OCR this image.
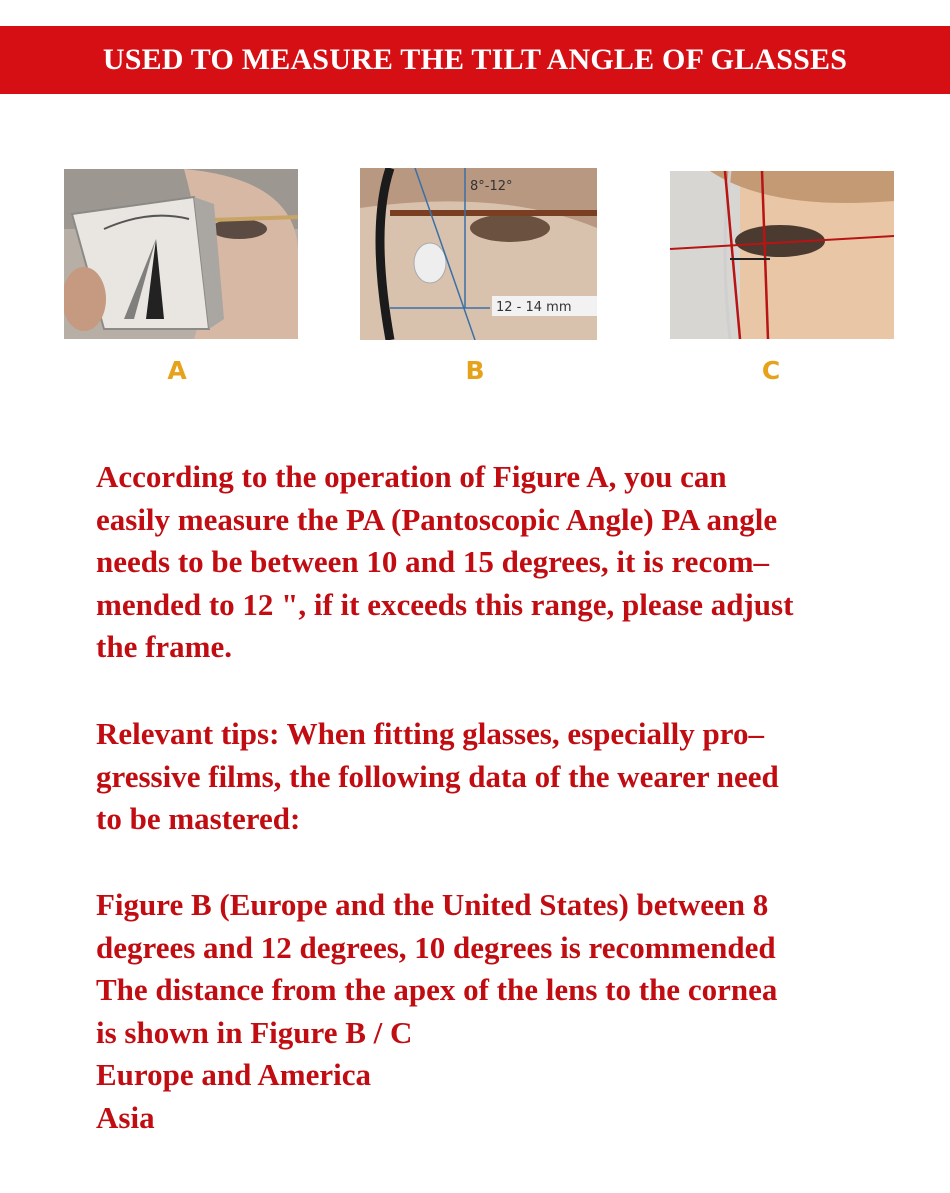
USED TO MEASURE THE TILT ANGLE OF GLASSES
8°-12°
12 - 14 mm
A	B	C
According to the operation of Figure A, you can
easily measure the PA (Pantoscopic Angle) PA angle
needs to be between 10 and 15 degrees, it is recom–
mended to 12 ", if it exceeds this range, please adjust
the frame.
Relevant tips: When fitting glasses, especially pro–
gressive films, the following data of the wearer need
to be mastered:
Figure B (Europe and the United States) between 8
degrees and 12 degrees, 10 degrees is recommended
The distance from the apex of the lens to the cornea
is shown in Figure B / C
Europe and America
Asia
